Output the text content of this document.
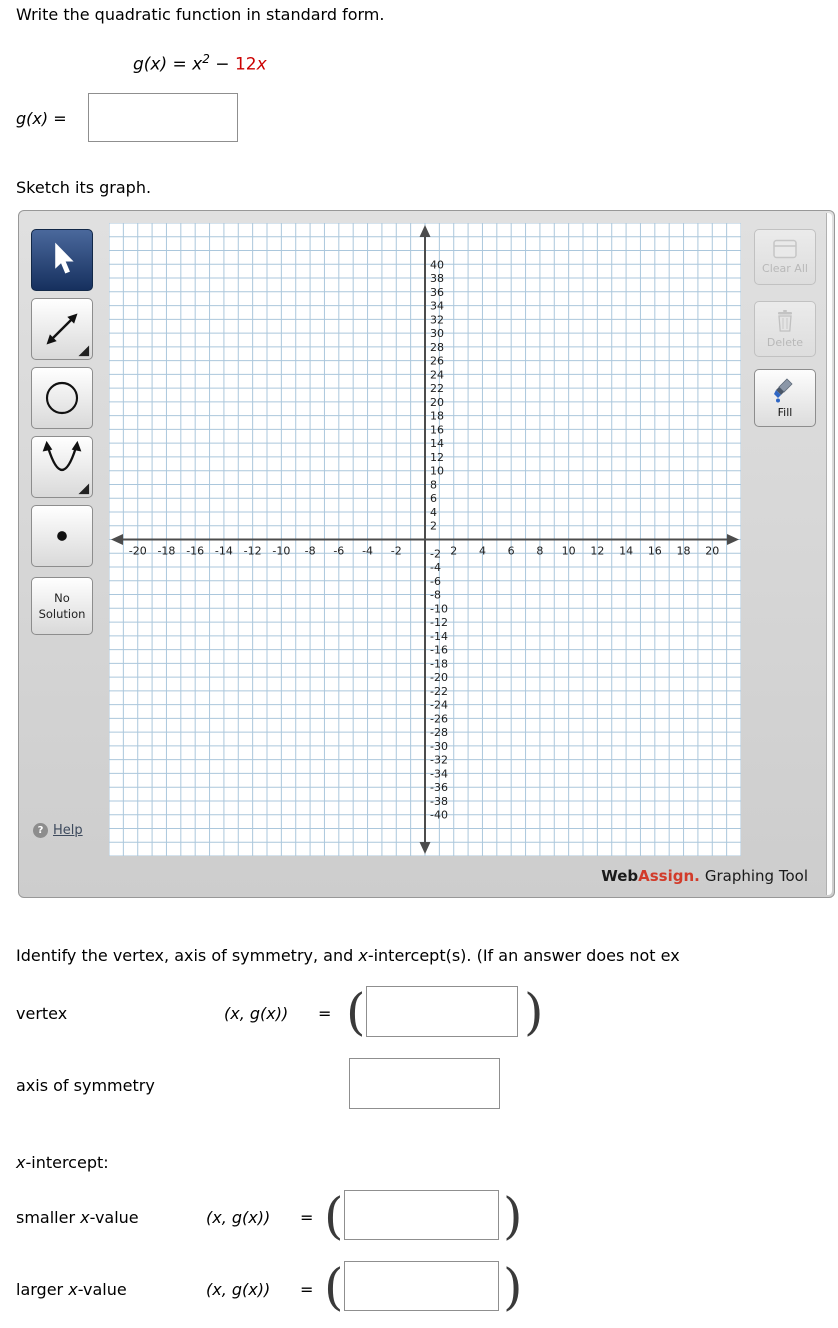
Write the quadratic function in standard form.
$g(x) = x^2 - 12x$
g(x) =
Sketch its graph.
No
Solution
? Help
-20 -18 -16 -14 -12 -10 -8 -6 -4 -2	2 4 6 8 10 12 14 16 18 20
40
38
36
34
32
30
28
26
24
22
20
18
16
14
12
10
8
6
4
2
-2
-4
-6
-8
-10
-12
-14
-16
-18
-20
-22
-24
-26
-28
-30
-32
-34
-36
-38
-40
Clear All
Delete
Fill
WebAssign. Graphing Tool
Identify the vertex, axis of symmetry, and x-intercept(s). (If an answer does not ex
vertex	(x, g(x)) = (	)
axis of symmetry
x-intercept:
smaller x-value	(x, g(x)) = (	)
larger x-value	(x, g(x)) = (	)
